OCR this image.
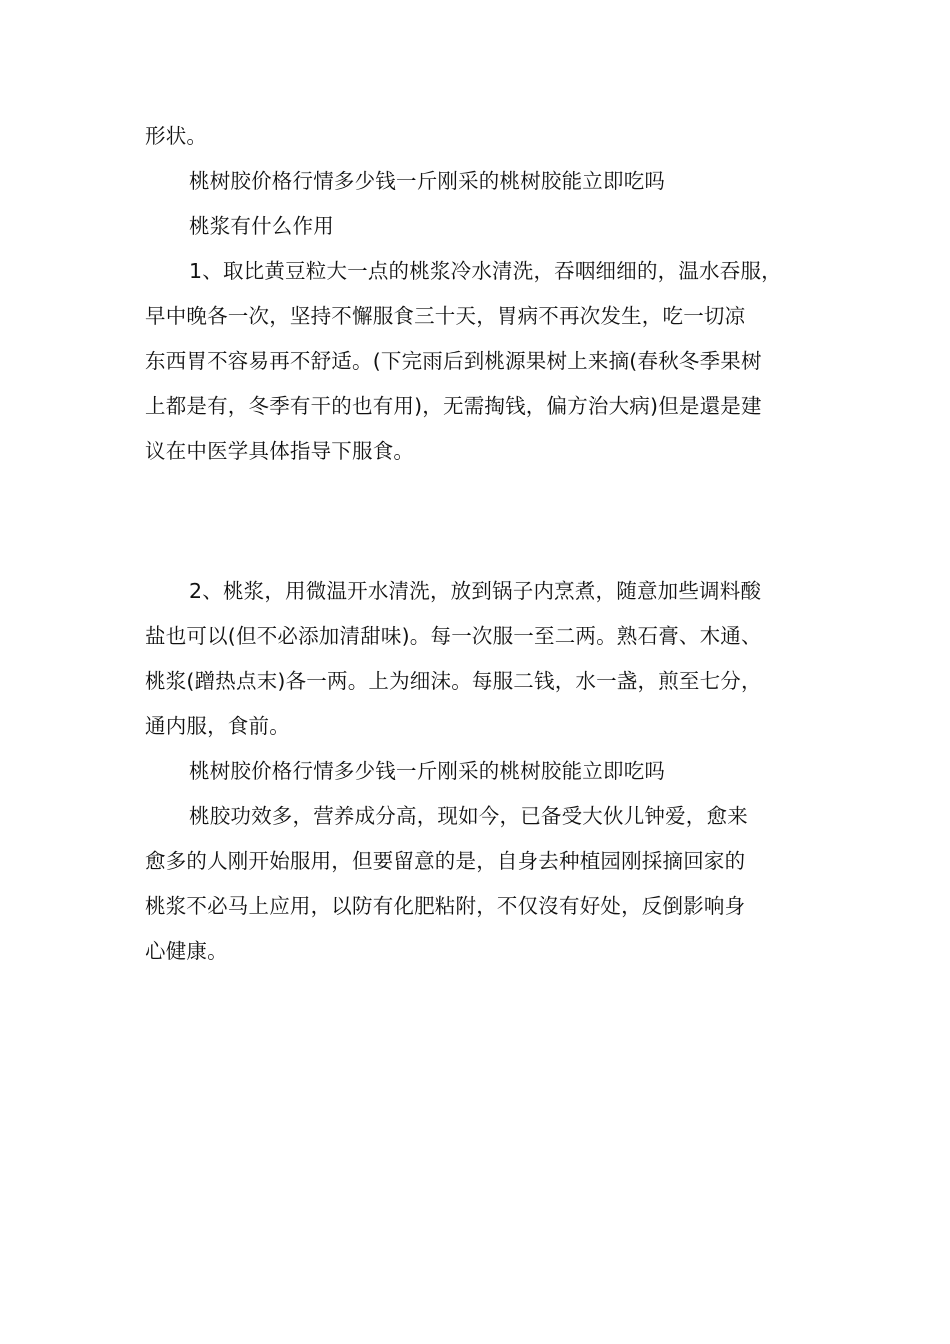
形状。
桃树胶价格行情多少钱一斤刚采的桃树胶能立即吃吗
桃浆有什么作用
1、取比黄豆粒大一点的桃浆冷水清洗，吞咽细细的，温水吞服，
早中晚各一次，坚持不懈服食三十天，胃病不再次发生，吃一切凉
东西胃不容易再不舒适。(下完雨后到桃源果树上来摘(春秋冬季果树
上都是有，冬季有干的也有用)，无需掏钱，偏方治大病)但是還是建
议在中医学具体指导下服食。
2、桃浆，用微温开水清洗，放到锅子内烹煮，随意加些调料酸
盐也可以(但不必添加清甜味)。每一次服一至二两。熟石膏、木通、
桃浆(蹭热点末)各一两。上为细沫。每服二钱，水一盏，煎至七分，
通内服，食前。
桃树胶价格行情多少钱一斤刚采的桃树胶能立即吃吗
桃胶功效多，营养成分高，现如今，已备受大伙儿钟爱，愈来
愈多的人刚开始服用，但要留意的是，自身去种植园刚採摘回家的
桃浆不必马上应用，以防有化肥粘附，不仅沒有好处，反倒影响身
心健康。
